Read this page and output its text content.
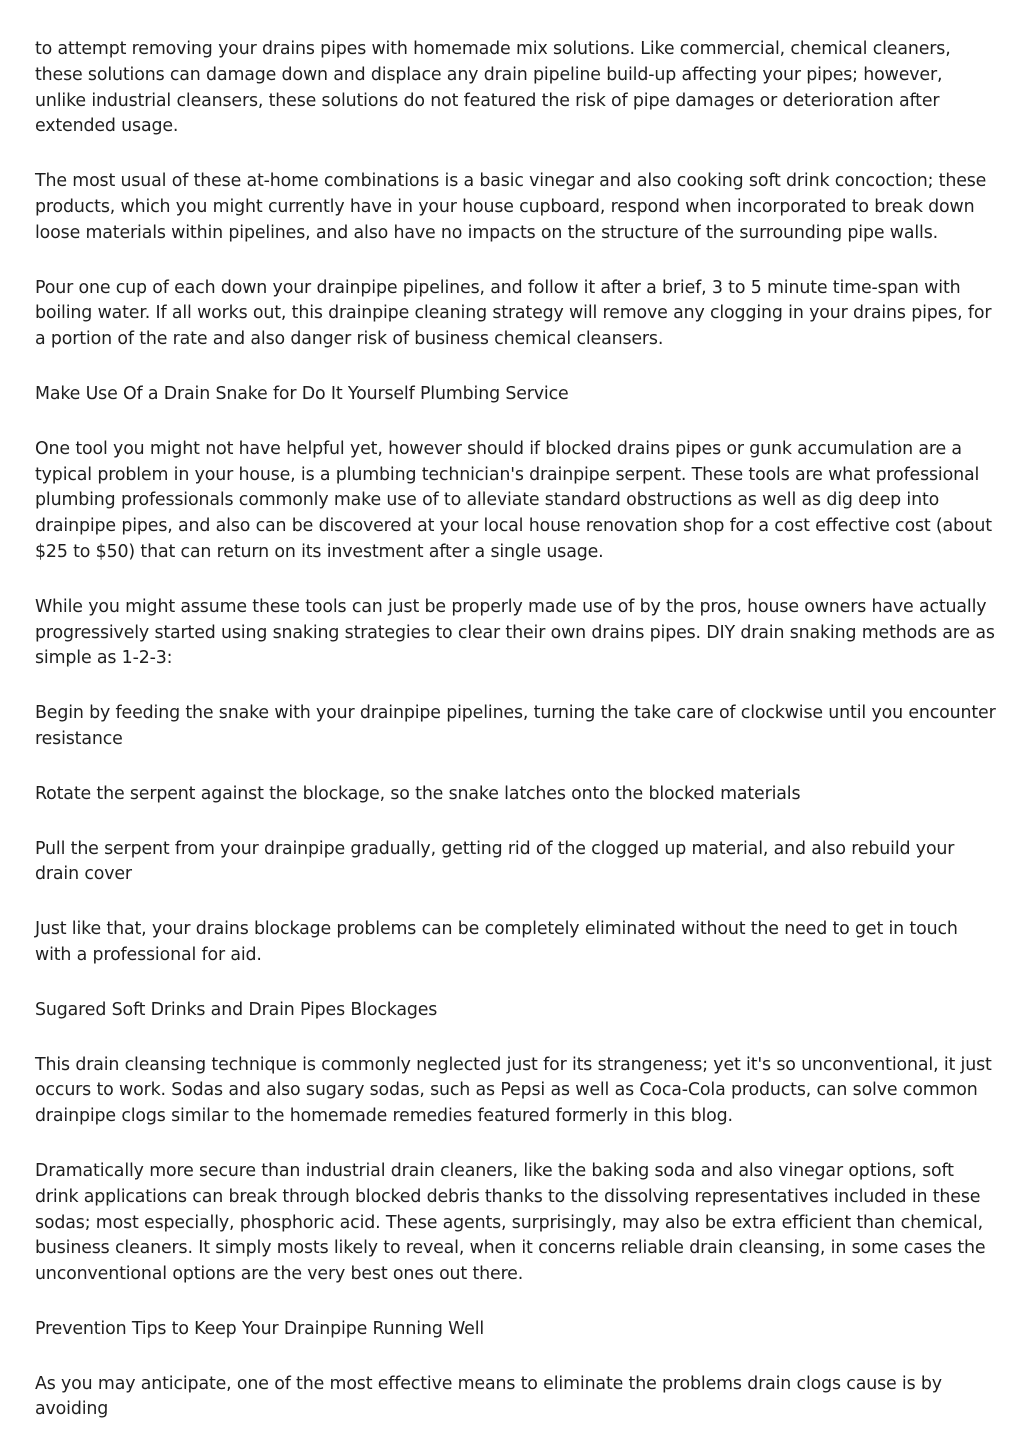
to attempt removing your drains pipes with homemade mix solutions. Like commercial, chemical cleaners, these solutions can damage down and displace any drain pipeline build-up affecting your pipes; however, unlike industrial cleansers, these solutions do not featured the risk of pipe damages or deterioration after extended usage.

The most usual of these at-home combinations is a basic vinegar and also cooking soft drink concoction; these products, which you might currently have in your house cupboard, respond when incorporated to break down loose materials within pipelines, and also have no impacts on the structure of the surrounding pipe walls.

Pour one cup of each down your drainpipe pipelines, and follow it after a brief, 3 to 5 minute time-span with boiling water. If all works out, this drainpipe cleaning strategy will remove any clogging in your drains pipes, for a portion of the rate and also danger risk of business chemical cleansers.

Make Use Of a Drain Snake for Do It Yourself Plumbing Service

One tool you might not have helpful yet, however should if blocked drains pipes or gunk accumulation are a typical problem in your house, is a plumbing technician's drainpipe serpent. These tools are what professional plumbing professionals commonly make use of to alleviate standard obstructions as well as dig deep into drainpipe pipes, and also can be discovered at your local house renovation shop for a cost effective cost (about $25 to $50) that can return on its investment after a single usage.

While you might assume these tools can just be properly made use of by the pros, house owners have actually progressively started using snaking strategies to clear their own drains pipes. DIY drain snaking methods are as simple as 1-2-3:

Begin by feeding the snake with your drainpipe pipelines, turning the take care of clockwise until you encounter resistance

Rotate the serpent against the blockage, so the snake latches onto the blocked materials

Pull the serpent from your drainpipe gradually, getting rid of the clogged up material, and also rebuild your drain cover

Just like that, your drains blockage problems can be completely eliminated without the need to get in touch with a professional for aid.

Sugared Soft Drinks and Drain Pipes Blockages

This drain cleansing technique is commonly neglected just for its strangeness; yet it's so unconventional, it just occurs to work. Sodas and also sugary sodas, such as Pepsi as well as Coca-Cola products, can solve common drainpipe clogs similar to the homemade remedies featured formerly in this blog.

Dramatically more secure than industrial drain cleaners, like the baking soda and also vinegar options, soft drink applications can break through blocked debris thanks to the dissolving representatives included in these sodas; most especially, phosphoric acid. These agents, surprisingly, may also be extra efficient than chemical, business cleaners. It simply mosts likely to reveal, when it concerns reliable drain cleansing, in some cases the unconventional options are the very best ones out there.

Prevention Tips to Keep Your Drainpipe Running Well

As you may anticipate, one of the most effective means to eliminate the problems drain clogs cause is by avoiding
